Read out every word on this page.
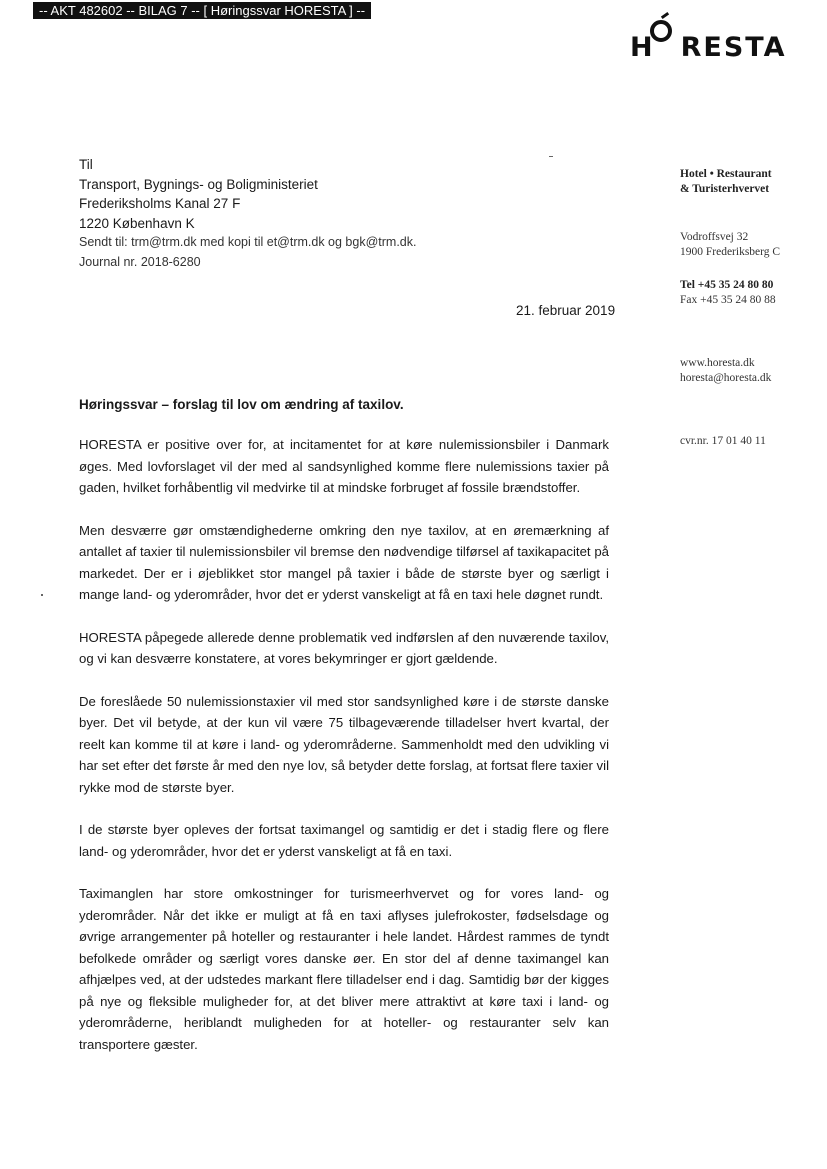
-- AKT 482602 -- BILAG 7 -- [ Høringssvar HORESTA ] --
H RESTA
Hotel • Restaurant
& Turisterhvervet
Vodroffsvej 32
1900 Frederiksberg C
Tel +45 35 24 80 80
Fax +45 35 24 80 88
www.horesta.dk
horesta@horesta.dk
cvr.nr. 17 01 40 11
Til
Transport, Bygnings- og Boligministeriet
Frederiksholms Kanal 27 F
1220 København K
Sendt til: trm@trm.dk med kopi til et@trm.dk og bgk@trm.dk.
Journal nr. 2018-6280
21. februar 2019
Høringssvar – forslag til lov om ændring af taxilov.

HORESTA er positive over for, at incitamentet for at køre nulemissionsbiler i Danmark øges. Med lovforslaget vil der med al sandsynlighed komme flere nulemissions taxier på gaden, hvilket forhåbentlig vil medvirke til at mindske forbruget af fossile brændstoffer.

Men desværre gør omstændighederne omkring den nye taxilov, at en øremærkning af antallet af taxier til nulemissionsbiler vil bremse den nødvendige tilførsel af taxikapacitet på markedet. Der er i øjeblikket stor mangel på taxier i både de største byer og særligt i mange land- og yderområder, hvor det er yderst vanskeligt at få en taxi hele døgnet rundt.

HORESTA påpegede allerede denne problematik ved indførslen af den nuværende taxilov, og vi kan desværre konstatere, at vores bekymringer er gjort gældende.

De foreslåede 50 nulemissionstaxier vil med stor sandsynlighed køre i de største danske byer. Det vil betyde, at der kun vil være 75 tilbageværende tilladelser hvert kvartal, der reelt kan komme til at køre i land- og yderområderne. Sammenholdt med den udvikling vi har set efter det første år med den nye lov, så betyder dette forslag, at fortsat flere taxier vil rykke mod de største byer.

I de største byer opleves der fortsat taximangel og samtidig er det i stadig flere og flere land- og yderområder, hvor det er yderst vanskeligt at få en taxi.

Taximanglen har store omkostninger for turismeerhvervet og for vores land- og yderområder. Når det ikke er muligt at få en taxi aflyses julefrokoster, fødselsdage og øvrige arrangementer på hoteller og restauranter i hele landet. Hårdest rammes de tyndt befolkede områder og særligt vores danske øer. En stor del af denne taximangel kan afhjælpes ved, at der udstedes markant flere tilladelser end i dag. Samtidig bør der kigges på nye og fleksible muligheder for, at det bliver mere attraktivt at køre taxi i land- og yderområderne, heriblandt muligheden for at hoteller- og restauranter selv kan transportere gæster.
